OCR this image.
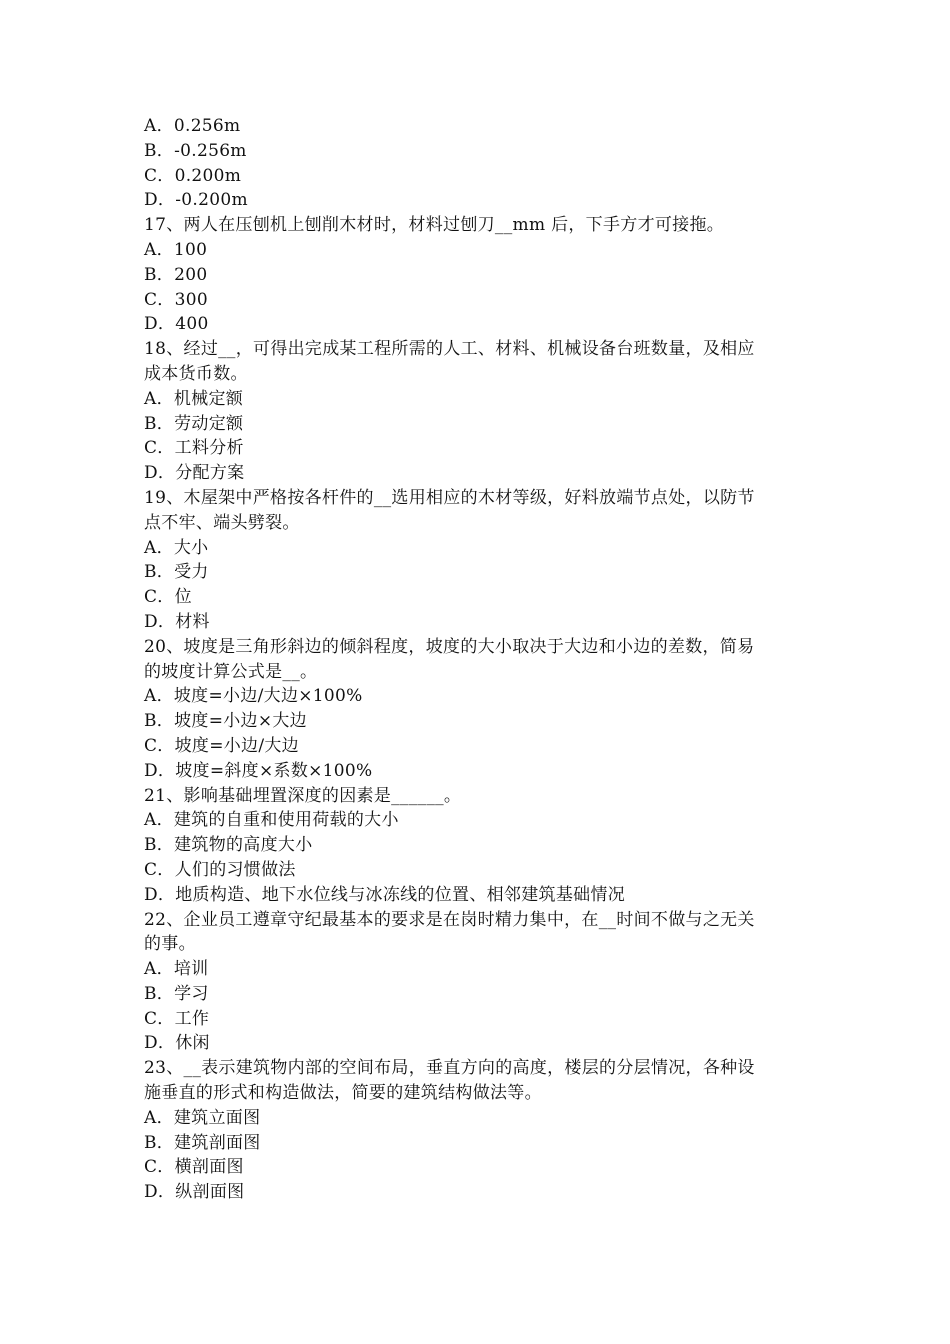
A．0.256m
B．-0.256m
C．0.200m
D．-0.200m
17、两人在压刨机上刨削木材时，材料过刨刀__mm 后，下手方才可接拖。
A．100
B．200
C．300
D．400
18、经过__，可得出完成某工程所需的人工、材料、机械设备台班数量，及相应
成本货币数。
A．机械定额
B．劳动定额
C．工料分析
D．分配方案
19、木屋架中严格按各杆件的__选用相应的木材等级，好料放端节点处，以防节
点不牢、端头劈裂。
A．大小
B．受力
C．位
D．材料
20、坡度是三角形斜边的倾斜程度，坡度的大小取决于大边和小边的差数，简易
的坡度计算公式是__。
A．坡度=小边/大边×100%
B．坡度=小边×大边
C．坡度=小边/大边
D．坡度=斜度×系数×100%
21、影响基础埋置深度的因素是______。
A．建筑的自重和使用荷载的大小
B．建筑物的高度大小
C．人们的习惯做法
D．地质构造、地下水位线与冰冻线的位置、相邻建筑基础情况
22、企业员工遵章守纪最基本的要求是在岗时精力集中，在__时间不做与之无关
的事。
A．培训
B．学习
C．工作
D．休闲
23、__表示建筑物内部的空间布局，垂直方向的高度，楼层的分层情况，各种设
施垂直的形式和构造做法，简要的建筑结构做法等。
A．建筑立面图
B．建筑剖面图
C．横剖面图
D．纵剖面图
